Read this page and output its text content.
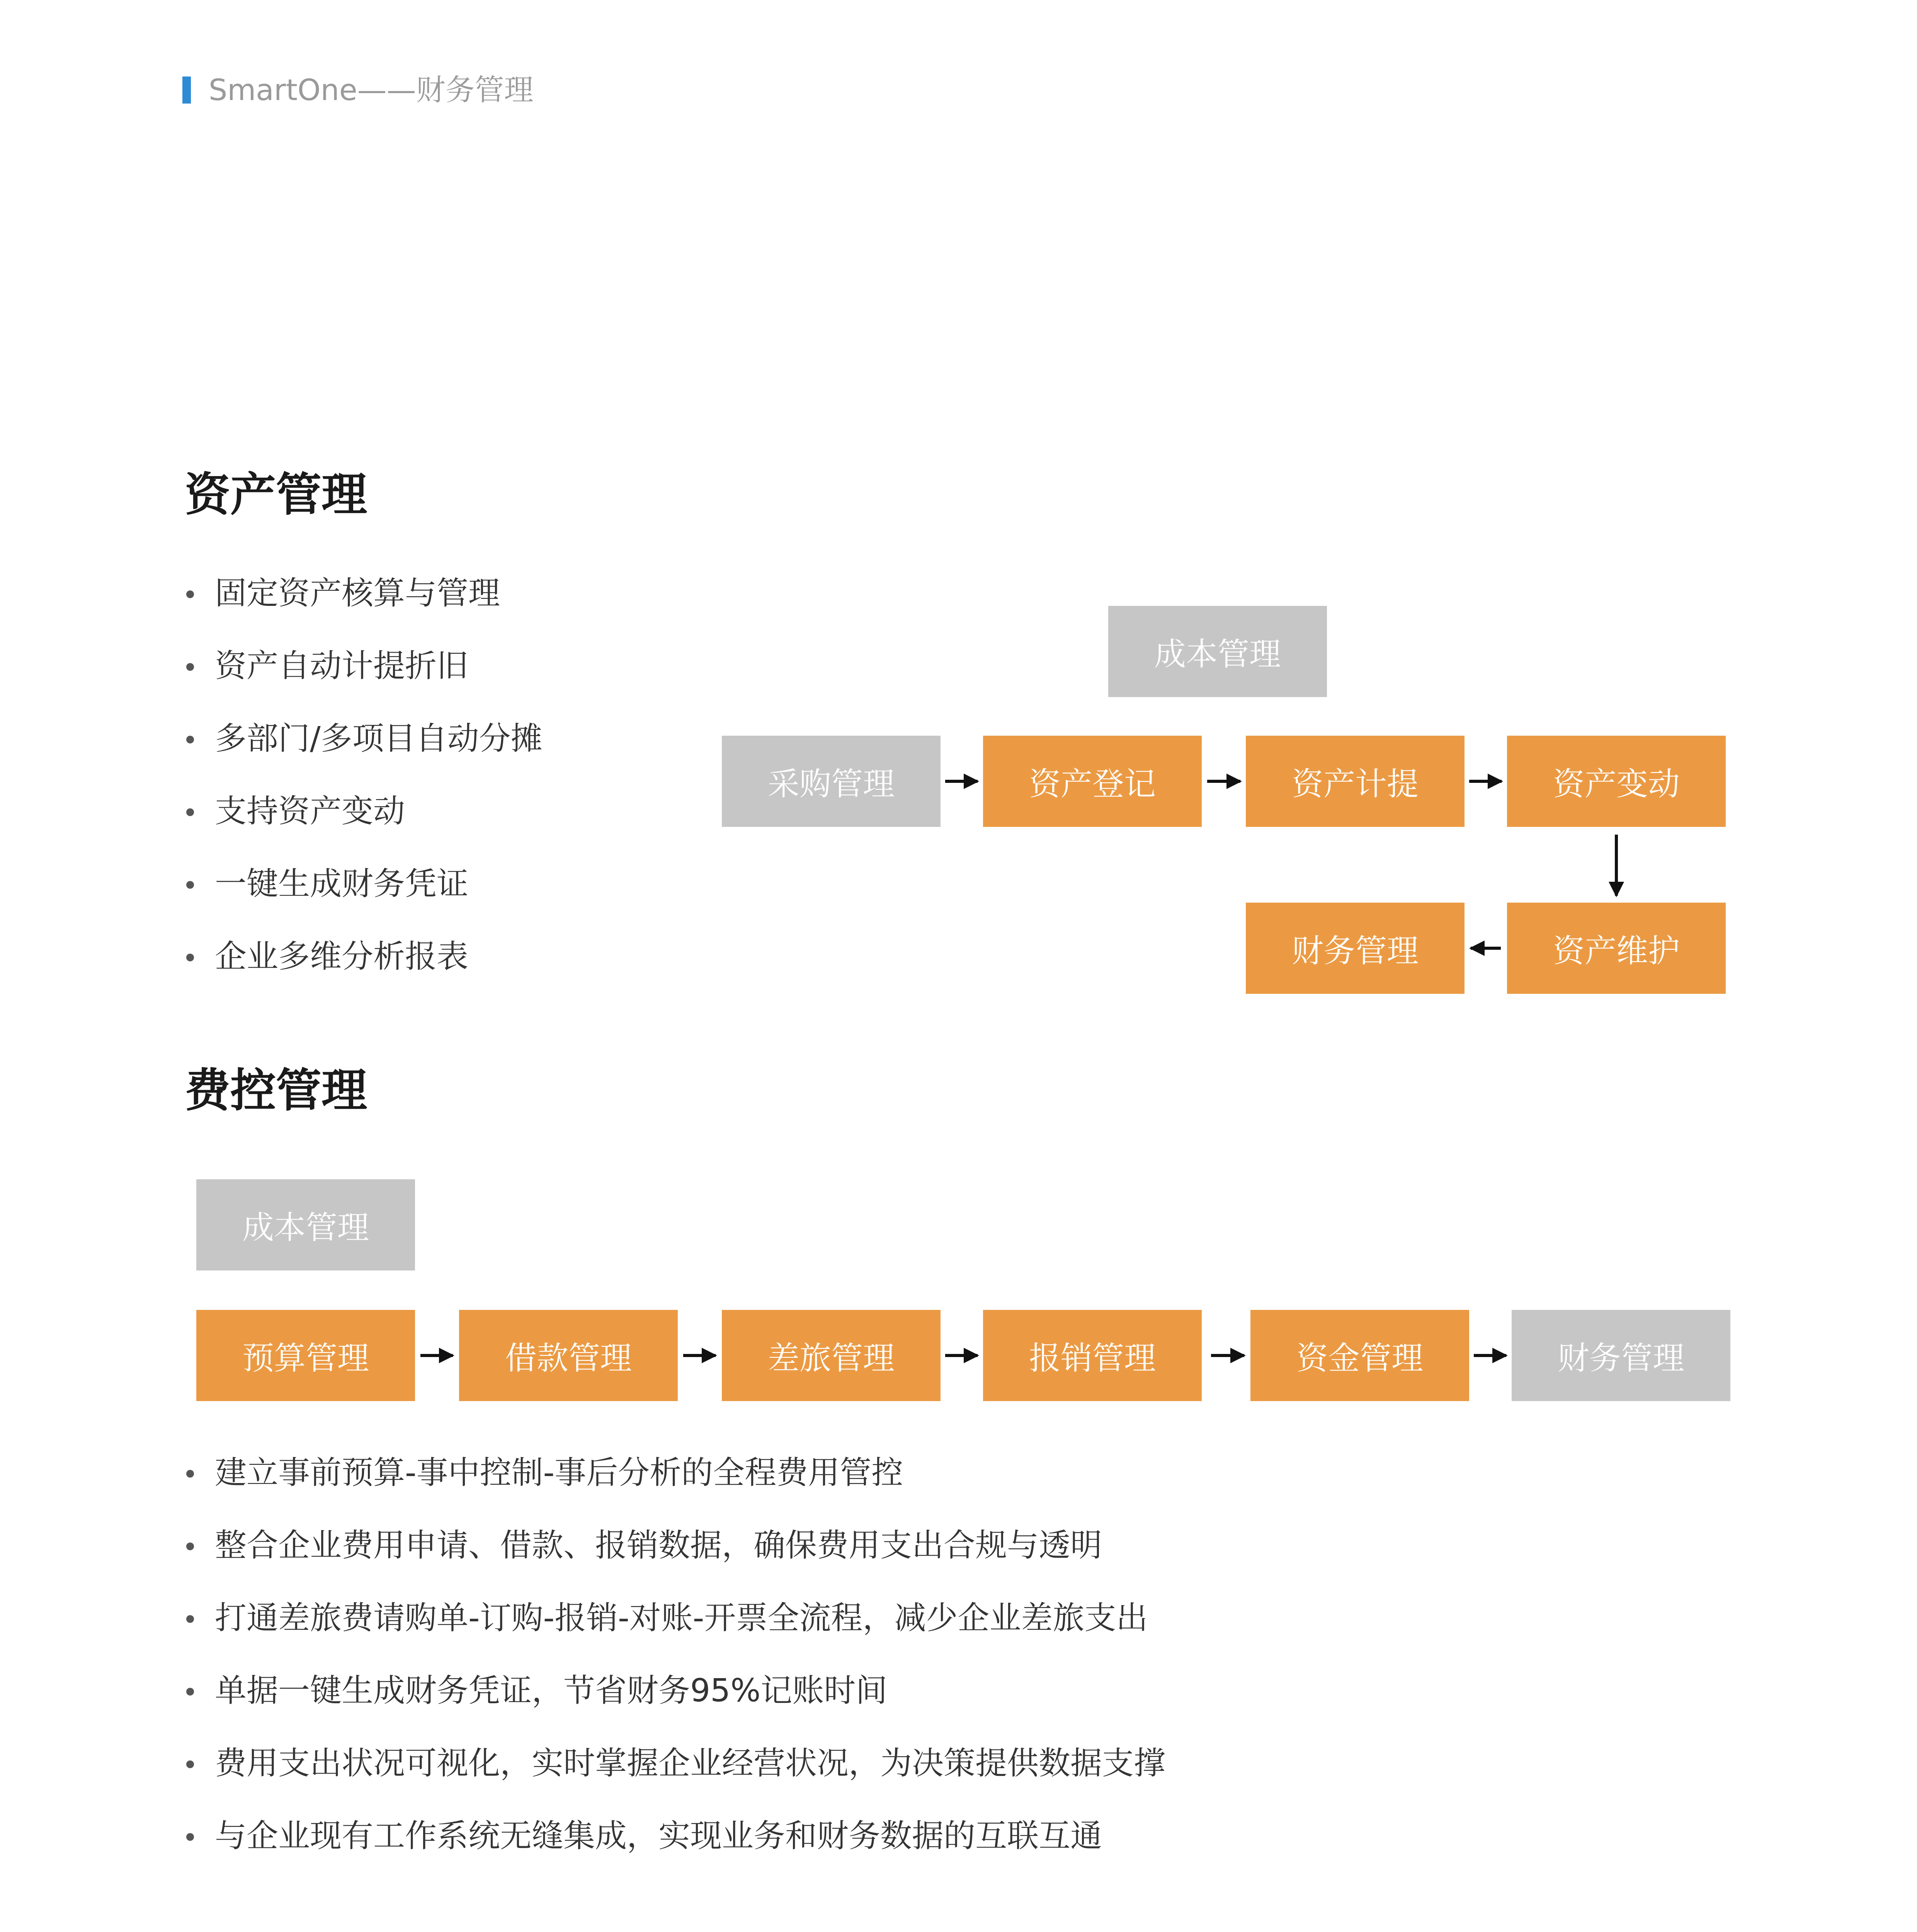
SmartOne——财务管理
资产管理
固定资产核算与管理
资产自动计提折旧
多部门/多项目自动分摊
支持资产变动
一键生成财务凭证
企业多维分析报表
成本管理
采购管理	资产登记	资产计提	资产变动
资产维护
财务管理
费控管理
成本管理
预算管理	借款管理	差旅管理	报销管理	资金管理	财务管理
建立事前预算-事中控制-事后分析的全程费用管控
整合企业费用申请、借款、报销数据，确保费用支出合规与透明
打通差旅费请购单-订购-报销-对账-开票全流程，减少企业差旅支出
单据一键生成财务凭证，节省财务95%记账时间
费用支出状况可视化，实时掌握企业经营状况，为决策提供数据支撑
与企业现有工作系统无缝集成，实现业务和财务数据的互联互通
